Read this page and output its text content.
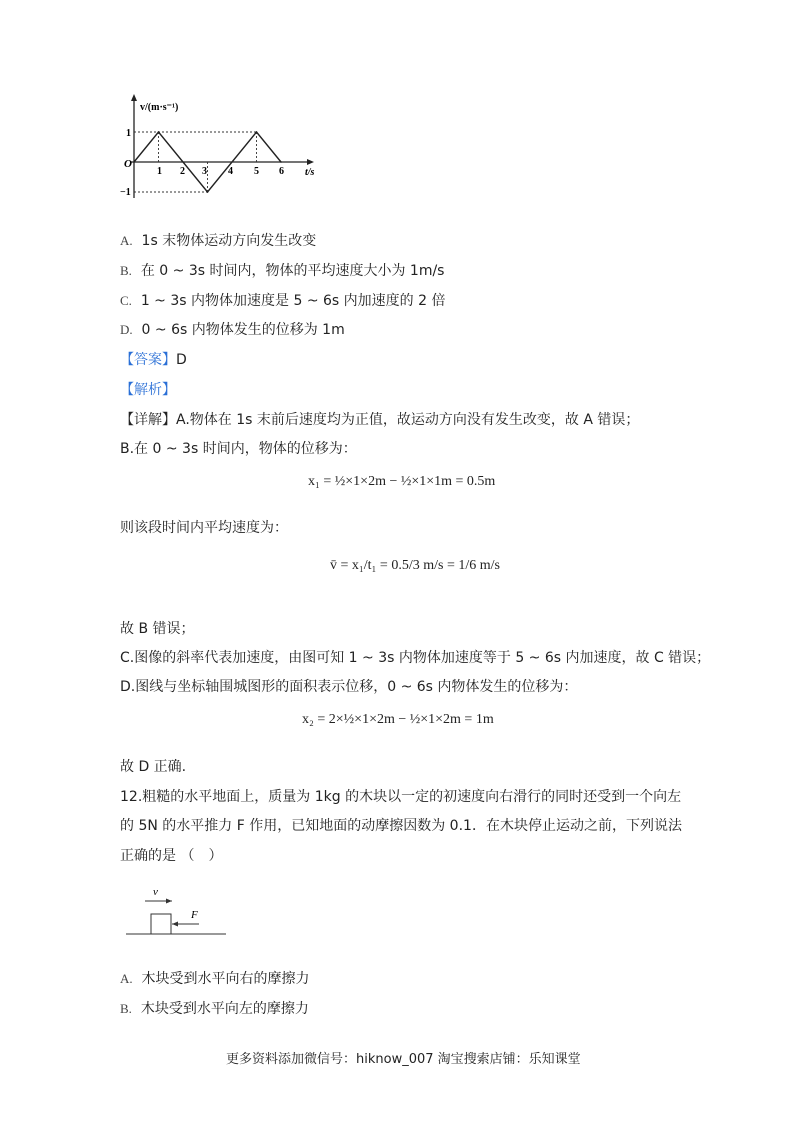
v/(m·s⁻¹)
t/s
O
1
−1
1 2 3 4 5 6
A. 1s 末物体运动方向发生改变
B. 在 0 ~ 3s 时间内，物体的平均速度大小为 1m/s
C. 1 ~ 3s 内物体加速度是 5 ~ 6s 内加速度的 2 倍
D. 0 ~ 6s 内物体发生的位移为 1m
【答案】D
【解析】
【详解】A.物体在 1s 末前后速度均为正值，故运动方向没有发生改变，故 A 错误；
B.在 0 ~ 3s 时间内，物体的位移为：
x₁ = ½×1×2m − ½×1×1m = 0.5m
则该段时间内平均速度为：
v̄ = x₁/t₁ = 0.5/3 m/s = 1/6 m/s
故 B 错误；
C.图像的斜率代表加速度，由图可知 1 ~ 3s 内物体加速度等于 5 ~ 6s 内加速度，故 C 错误；
D.图线与坐标轴围城图形的面积表示位移，0 ~ 6s 内物体发生的位移为：
x₂ = 2×½×1×2m − ½×1×2m = 1m
故 D 正确.
12.粗糙的水平地面上，质量为 1kg 的木块以一定的初速度向右滑行的同时还受到一个向左
的 5N 的水平推力 F 作用，已知地面的动摩擦因数为 0.1．在木块停止运动之前，下列说法
正确的是 （　）
v
F
A. 木块受到水平向右的摩擦力
B. 木块受到水平向左的摩擦力
更多资料添加微信号：hiknow_007 淘宝搜索店铺：乐知课堂
